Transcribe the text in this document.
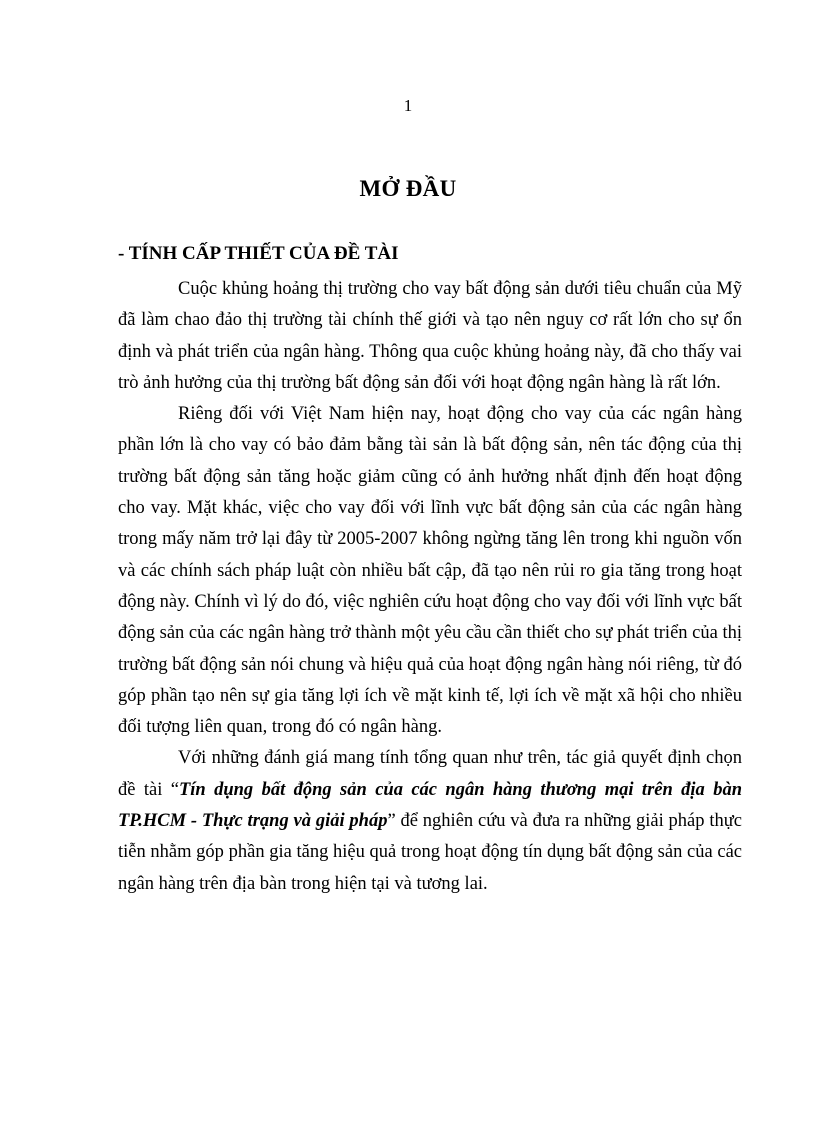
1
MỞ ĐẦU
- TÍNH CẤP THIẾT CỦA ĐỀ TÀI

Cuộc khủng hoảng thị trường cho vay bất động sản dưới tiêu chuẩn của Mỹ đã làm chao đảo thị trường tài chính thế giới và tạo nên nguy cơ rất lớn cho sự ổn định và phát triển của ngân hàng. Thông qua cuộc khủng hoảng này, đã cho thấy vai trò ảnh hưởng của thị trường bất động sản đối với hoạt động ngân hàng là rất lớn.

Riêng đối với Việt Nam hiện nay, hoạt động cho vay của các ngân hàng phần lớn là cho vay có bảo đảm bằng tài sản là bất động sản, nên tác động của thị trường bất động sản tăng hoặc giảm cũng có ảnh hưởng nhất định đến hoạt động cho vay. Mặt khác, việc cho vay đối với lĩnh vực bất động sản của các ngân hàng trong mấy năm trở lại đây từ 2005-2007 không ngừng tăng lên trong khi nguồn vốn và các chính sách pháp luật còn nhiều bất cập, đã tạo nên rủi ro gia tăng trong hoạt động này. Chính vì lý do đó, việc nghiên cứu hoạt động cho vay đối với lĩnh vực bất động sản của các ngân hàng trở thành một yêu cầu cần thiết cho sự phát triển của thị trường bất động sản nói chung và hiệu quả của hoạt động ngân hàng nói riêng, từ đó góp phần tạo nên sự gia tăng lợi ích về mặt kinh tế, lợi ích về mặt xã hội cho nhiều đối tượng liên quan, trong đó có ngân hàng.

Với những đánh giá mang tính tổng quan như trên, tác giả quyết định chọn đề tài “Tín dụng bất động sản của các ngân hàng thương mại trên địa bàn TP.HCM - Thực trạng và giải pháp” để nghiên cứu và đưa ra những giải pháp thực tiễn nhằm góp phần gia tăng hiệu quả trong hoạt động tín dụng bất động sản của các ngân hàng trên địa bàn trong hiện tại và tương lai.
